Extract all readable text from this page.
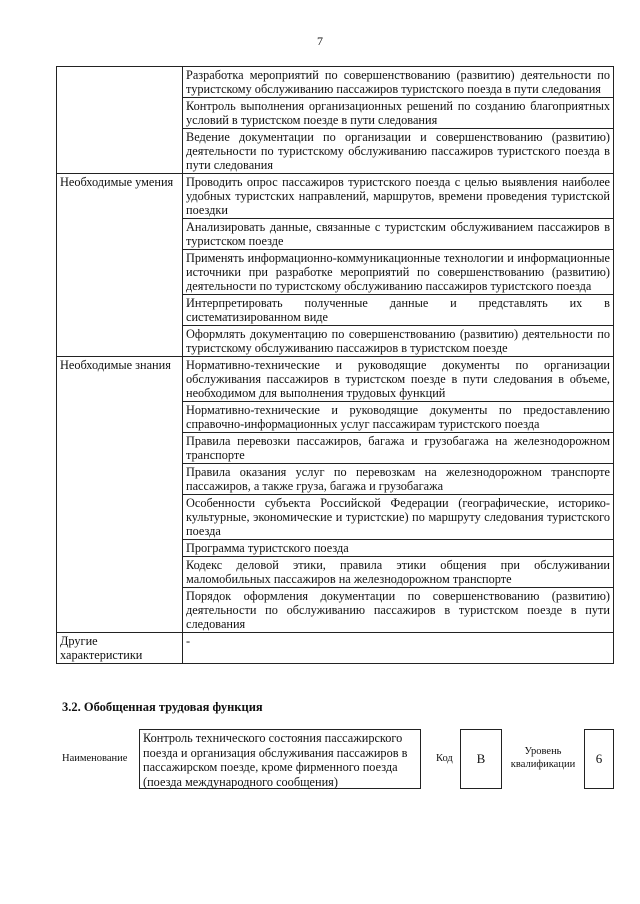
7
	Разработка мероприятий по совершенствованию (развитию) деятельности по туристскому обслуживанию пассажиров туристского поезда в пути следования
	Контроль выполнения организационных решений по созданию благоприятных условий в туристском поезде в пути следования
	Ведение документации по организации и совершенствованию (развитию) деятельности по туристскому обслуживанию пассажиров туристского поезда в пути следования
Необходимые умения	Проводить опрос пассажиров туристского поезда с целью выявления наиболее удобных туристских направлений, маршрутов, времени проведения туристской поездки
	Анализировать данные, связанные с туристским обслуживанием пассажиров в туристском поезде
	Применять информационно-коммуникационные технологии и информационные источники при разработке мероприятий по совершенствованию (развитию) деятельности по туристскому обслуживанию пассажиров туристского поезда
	Интерпретировать полученные данные и представлять их в систематизированном виде
	Оформлять документацию по совершенствованию (развитию) деятельности по туристскому обслуживанию пассажиров в туристском поезде
Необходимые знания	Нормативно-технические и руководящие документы по организации обслуживания пассажиров в туристском поезде в пути следования в объеме, необходимом для выполнения трудовых функций
	Нормативно-технические и руководящие документы по предоставлению справочно-информационных услуг пассажирам туристского поезда
	Правила перевозки пассажиров, багажа и грузобагажа на железнодорожном транспорте
	Правила оказания услуг по перевозкам на железнодорожном транспорте пассажиров, а также груза, багажа и грузобагажа
	Особенности субъекта Российской Федерации (географические, историко-культурные, экономические и туристские) по маршруту следования туристского поезда
	Программа туристского поезда
	Кодекс деловой этики, правила этики общения при обслуживании маломобильных пассажиров на железнодорожном транспорте
	Порядок оформления документации по совершенствованию (развитию) деятельности по обслуживанию пассажиров в туристском поезде в пути следования
Другие характеристики	-
3.2. Обобщенная трудовая функция
Наименование
Контроль технического состояния пассажирского поезда и организация обслуживания пассажиров в пассажирском поезде, кроме фирменного поезда (поезда международного сообщения)
Код	B	Уровень квалификации	6
